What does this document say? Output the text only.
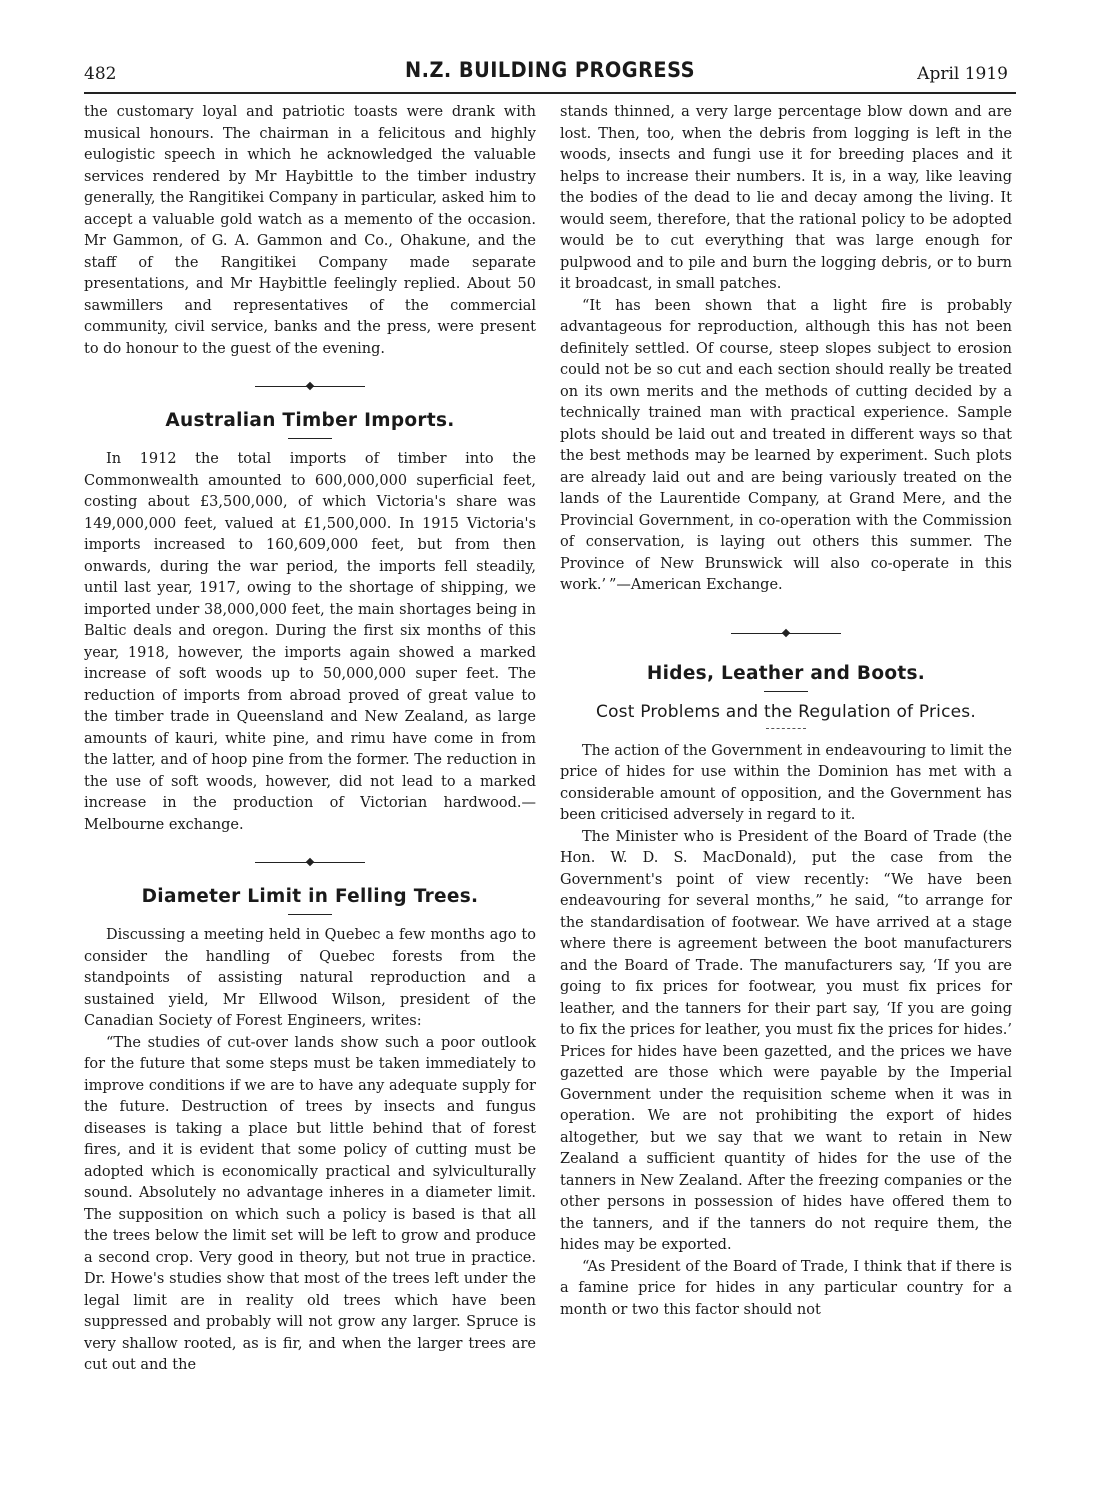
482	N.Z. BUILDING PROGRESS	April 1919

the customary loyal and patriotic toasts were drank with musical honours. The chairman in a felicitous and highly eulogistic speech in which he acknowledged the valuable services rendered by Mr Haybittle to the timber industry generally, the Rangitikei Company in particular, asked him to accept a valuable gold watch as a memento of the occasion. Mr Gammon, of G. A. Gammon and Co., Ohakune, and the staff of the Rangitikei Company made separate presentations, and Mr Haybittle feelingly replied. About 50 sawmillers and representatives of the commercial community, civil service, banks and the press, were present to do honour to the guest of the evening.

Australian Timber Imports.

In 1912 the total imports of timber into the Commonwealth amounted to 600,000,000 superficial feet, costing about £3,500,000, of which Victoria's share was 149,000,000 feet, valued at £1,500,000. In 1915 Victoria's imports increased to 160,609,000 feet, but from then onwards, during the war period, the imports fell steadily, until last year, 1917, owing to the shortage of shipping, we imported under 38,000,000 feet, the main shortages being in Baltic deals and oregon. During the first six months of this year, 1918, however, the imports again showed a marked increase of soft woods up to 50,000,000 super feet. The reduction of imports from abroad proved of great value to the timber trade in Queensland and New Zealand, as large amounts of kauri, white pine, and rimu have come in from the latter, and of hoop pine from the former. The reduction in the use of soft woods, however, did not lead to a marked increase in the production of Victorian hardwood.—Melbourne exchange.

Diameter Limit in Felling Trees.

Discussing a meeting held in Quebec a few months ago to consider the handling of Quebec forests from the standpoints of assisting natural reproduction and a sustained yield, Mr Ellwood Wilson, president of the Canadian Society of Forest Engineers, writes:

“The studies of cut-over lands show such a poor outlook for the future that some steps must be taken immediately to improve conditions if we are to have any adequate supply for the future. Destruction of trees by insects and fungus diseases is taking a place but little behind that of forest fires, and it is evident that some policy of cutting must be adopted which is economically practical and sylviculturally sound. Absolutely no advantage inheres in a diameter limit. The supposition on which such a policy is based is that all the trees below the limit set will be left to grow and produce a second crop. Very good in theory, but not true in practice. Dr. Howe's studies show that most of the trees left under the legal limit are in reality old trees which have been suppressed and probably will not grow any larger. Spruce is very shallow rooted, as is fir, and when the larger trees are cut out and the

stands thinned, a very large percentage blow down and are lost. Then, too, when the debris from logging is left in the woods, insects and fungi use it for breeding places and it helps to increase their numbers. It is, in a way, like leaving the bodies of the dead to lie and decay among the living. It would seem, therefore, that the rational policy to be adopted would be to cut everything that was large enough for pulpwood and to pile and burn the logging debris, or to burn it broadcast, in small patches.

“It has been shown that a light fire is probably advantageous for reproduction, although this has not been definitely settled. Of course, steep slopes subject to erosion could not be so cut and each section should really be treated on its own merits and the methods of cutting decided by a technically trained man with practical experience. Sample plots should be laid out and treated in different ways so that the best methods may be learned by experiment. Such plots are already laid out and are being variously treated on the lands of the Laurentide Company, at Grand Mere, and the Provincial Government, in co-operation with the Commission of conservation, is laying out others this summer. The Province of New Brunswick will also co-operate in this work.’ ”—American Exchange.

Hides, Leather and Boots.
Cost Problems and the Regulation of Prices.

The action of the Government in endeavouring to limit the price of hides for use within the Dominion has met with a considerable amount of opposition, and the Government has been criticised adversely in regard to it.

The Minister who is President of the Board of Trade (the Hon. W. D. S. MacDonald), put the case from the Government's point of view recently: “We have been endeavouring for several months,” he said, “to arrange for the standardisation of footwear. We have arrived at a stage where there is agreement between the boot manufacturers and the Board of Trade. The manufacturers say, ‘If you are going to fix prices for footwear, you must fix prices for leather, and the tanners for their part say, ‘If you are going to fix the prices for leather, you must fix the prices for hides.’ Prices for hides have been gazetted, and the prices we have gazetted are those which were payable by the Imperial Government under the requisition scheme when it was in operation. We are not prohibiting the export of hides altogether, but we say that we want to retain in New Zealand a sufficient quantity of hides for the use of the tanners in New Zealand. After the freezing companies or the other persons in possession of hides have offered them to the tanners, and if the tanners do not require them, the hides may be exported.

“As President of the Board of Trade, I think that if there is a famine price for hides in any particular country for a month or two this factor should not
